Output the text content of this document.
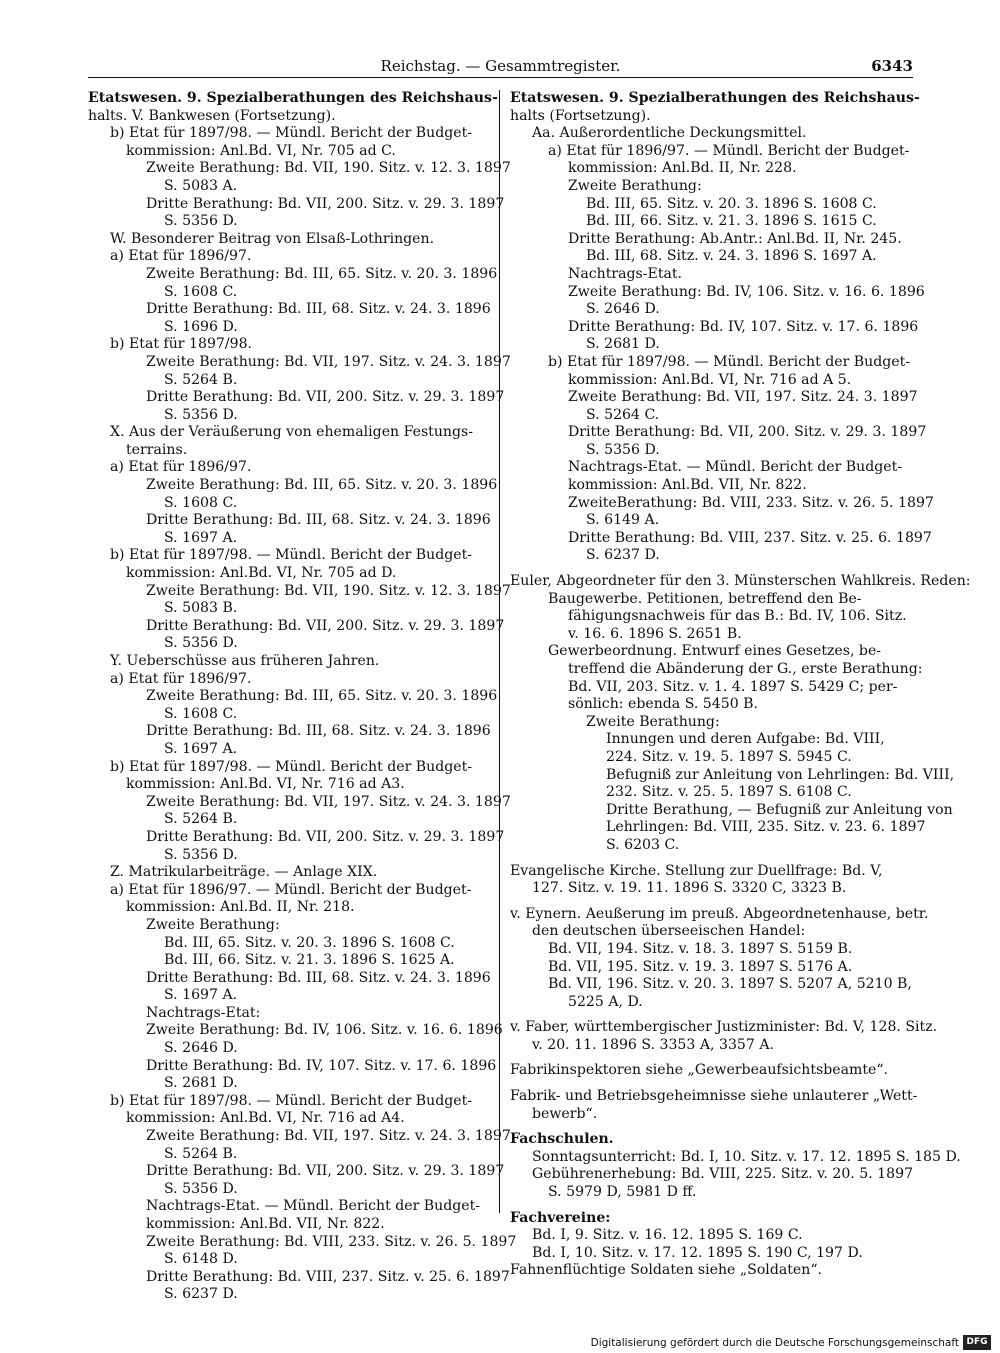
Reichstag. — Gesammtregister.	6343
Etatswesen. 9. Spezialberathungen des Reichshaus-
halts. V. Bankwesen (Fortsetzung).
b) Etat für 1897/98. — Mündl. Bericht der Budget-
kommission: Anl.Bd. VI, Nr. 705 ad C.
Zweite Berathung: Bd. VII, 190. Sitz. v. 12. 3. 1897
S. 5083 A.
Dritte Berathung: Bd. VII, 200. Sitz. v. 29. 3. 1897
S. 5356 D.
W. Besonderer Beitrag von Elsaß-Lothringen.
a) Etat für 1896/97.
Zweite Berathung: Bd. III, 65. Sitz. v. 20. 3. 1896
S. 1608 C.
Dritte Berathung: Bd. III, 68. Sitz. v. 24. 3. 1896
S. 1696 D.
b) Etat für 1897/98.
Zweite Berathung: Bd. VII, 197. Sitz. v. 24. 3. 1897
S. 5264 B.
Dritte Berathung: Bd. VII, 200. Sitz. v. 29. 3. 1897
S. 5356 D.
X. Aus der Veräußerung von ehemaligen Festungs-
terrains.
a) Etat für 1896/97.
Zweite Berathung: Bd. III, 65. Sitz. v. 20. 3. 1896
S. 1608 C.
Dritte Berathung: Bd. III, 68. Sitz. v. 24. 3. 1896
S. 1697 A.
b) Etat für 1897/98. — Mündl. Bericht der Budget-
kommission: Anl.Bd. VI, Nr. 705 ad D.
Zweite Berathung: Bd. VII, 190. Sitz. v. 12. 3. 1897
S. 5083 B.
Dritte Berathung: Bd. VII, 200. Sitz. v. 29. 3. 1897
S. 5356 D.
Y. Ueberschüsse aus früheren Jahren.
a) Etat für 1896/97.
Zweite Berathung: Bd. III, 65. Sitz. v. 20. 3. 1896
S. 1608 C.
Dritte Berathung: Bd. III, 68. Sitz. v. 24. 3. 1896
S. 1697 A.
b) Etat für 1897/98. — Mündl. Bericht der Budget-
kommission: Anl.Bd. VI, Nr. 716 ad A3.
Zweite Berathung: Bd. VII, 197. Sitz. v. 24. 3. 1897
S. 5264 B.
Dritte Berathung: Bd. VII, 200. Sitz. v. 29. 3. 1897
S. 5356 D.
Z. Matrikularbeiträge. — Anlage XIX.
a) Etat für 1896/97. — Mündl. Bericht der Budget-
kommission: Anl.Bd. II, Nr. 218.
Zweite Berathung:
Bd. III, 65. Sitz. v. 20. 3. 1896 S. 1608 C.
Bd. III, 66. Sitz. v. 21. 3. 1896 S. 1625 A.
Dritte Berathung: Bd. III, 68. Sitz. v. 24. 3. 1896
S. 1697 A.
Nachtrags-Etat:
Zweite Berathung: Bd. IV, 106. Sitz. v. 16. 6. 1896
S. 2646 D.
Dritte Berathung: Bd. IV, 107. Sitz. v. 17. 6. 1896
S. 2681 D.
b) Etat für 1897/98. — Mündl. Bericht der Budget-
kommission: Anl.Bd. VI, Nr. 716 ad A4.
Zweite Berathung: Bd. VII, 197. Sitz. v. 24. 3. 1897
S. 5264 B.
Dritte Berathung: Bd. VII, 200. Sitz. v. 29. 3. 1897
S. 5356 D.
Nachtrags-Etat. — Mündl. Bericht der Budget-
kommission: Anl.Bd. VII, Nr. 822.
Zweite Berathung: Bd. VIII, 233. Sitz. v. 26. 5. 1897
S. 6148 D.
Dritte Berathung: Bd. VIII, 237. Sitz. v. 25. 6. 1897
S. 6237 D.
Etatswesen. 9. Spezialberathungen des Reichshaus-
halts (Fortsetzung).
Aa. Außerordentliche Deckungsmittel.
a) Etat für 1896/97. — Mündl. Bericht der Budget-
kommission: Anl.Bd. II, Nr. 228.
Zweite Berathung:
Bd. III, 65. Sitz. v. 20. 3. 1896 S. 1608 C.
Bd. III, 66. Sitz. v. 21. 3. 1896 S. 1615 C.
Dritte Berathung: Ab.Antr.: Anl.Bd. II, Nr. 245.
Bd. III, 68. Sitz. v. 24. 3. 1896 S. 1697 A.
Nachtrags-Etat.
Zweite Berathung: Bd. IV, 106. Sitz. v. 16. 6. 1896
S. 2646 D.
Dritte Berathung: Bd. IV, 107. Sitz. v. 17. 6. 1896
S. 2681 D.
b) Etat für 1897/98. — Mündl. Bericht der Budget-
kommission: Anl.Bd. VI, Nr. 716 ad A 5.
Zweite Berathung: Bd. VII, 197. Sitz. 24. 3. 1897
S. 5264 C.
Dritte Berathung: Bd. VII, 200. Sitz. v. 29. 3. 1897
S. 5356 D.
Nachtrags-Etat. — Mündl. Bericht der Budget-
kommission: Anl.Bd. VII, Nr. 822.
ZweiteBerathung: Bd. VIII, 233. Sitz. v. 26. 5. 1897
S. 6149 A.
Dritte Berathung: Bd. VIII, 237. Sitz. v. 25. 6. 1897
S. 6237 D.
Euler, Abgeordneter für den 3. Münsterschen Wahlkreis. Reden:
Baugewerbe. Petitionen, betreffend den Be-
fähigungsnachweis für das B.: Bd. IV, 106. Sitz.
v. 16. 6. 1896 S. 2651 B.
Gewerbeordnung. Entwurf eines Gesetzes, be-
treffend die Abänderung der G., erste Berathung:
Bd. VII, 203. Sitz. v. 1. 4. 1897 S. 5429 C; per-
sönlich: ebenda S. 5450 B.
Zweite Berathung:
Innungen und deren Aufgabe: Bd. VIII,
224. Sitz. v. 19. 5. 1897 S. 5945 C.
Befugniß zur Anleitung von Lehrlingen: Bd. VIII,
232. Sitz. v. 25. 5. 1897 S. 6108 C.
Dritte Berathung, — Befugniß zur Anleitung von
Lehrlingen: Bd. VIII, 235. Sitz. v. 23. 6. 1897
S. 6203 C.
Evangelische Kirche. Stellung zur Duellfrage: Bd. V,
127. Sitz. v. 19. 11. 1896 S. 3320 C, 3323 B.
v. Eynern. Aeußerung im preuß. Abgeordnetenhause, betr.
den deutschen überseeischen Handel:
Bd. VII, 194. Sitz. v. 18. 3. 1897 S. 5159 B.
Bd. VII, 195. Sitz. v. 19. 3. 1897 S. 5176 A.
Bd. VII, 196. Sitz. v. 20. 3. 1897 S. 5207 A, 5210 B,
5225 A, D.
v. Faber, württembergischer Justizminister: Bd. V, 128. Sitz.
v. 20. 11. 1896 S. 3353 A, 3357 A.
Fabrikinspektoren siehe „Gewerbeaufsichtsbeamte“.
Fabrik- und Betriebsgeheimnisse siehe unlauterer „Wett-
bewerb“.
Fachschulen.
Sonntagsunterricht: Bd. I, 10. Sitz. v. 17. 12. 1895 S. 185 D.
Gebührenerhebung: Bd. VIII, 225. Sitz. v. 20. 5. 1897
S. 5979 D, 5981 D ff.
Fachvereine:
Bd. I, 9. Sitz. v. 16. 12. 1895 S. 169 C.
Bd. I, 10. Sitz. v. 17. 12. 1895 S. 190 C, 197 D.
Fahnenflüchtige Soldaten siehe „Soldaten“.
Digitalisierung gefördert durch die Deutsche Forschungsgemeinschaft DFG
